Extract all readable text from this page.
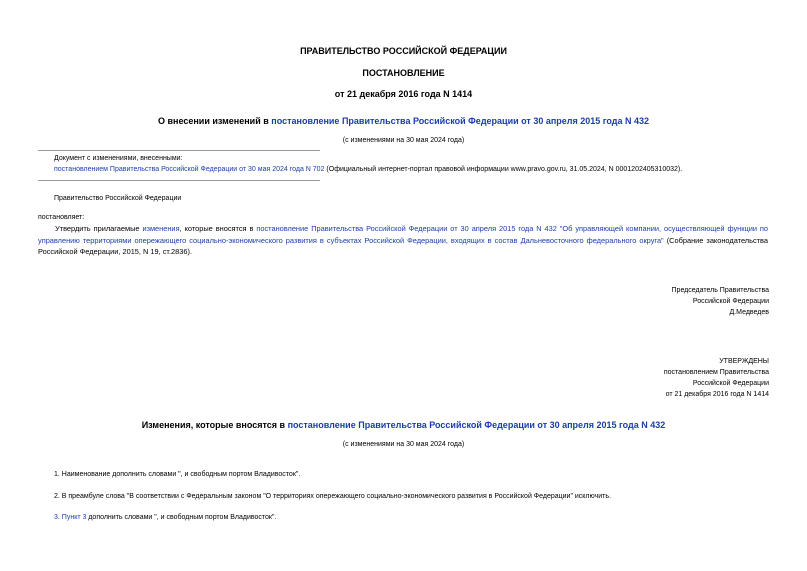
ПРАВИТЕЛЬСТВО РОССИЙСКОЙ ФЕДЕРАЦИИ
ПОСТАНОВЛЕНИЕ
от 21 декабря 2016 года N 1414
О внесении изменений в постановление Правительства Российской Федерации от 30 апреля 2015 года N 432
(с изменениями на 30 мая 2024 года)
Документ с изменениями, внесенными:
постановлением Правительства Российской Федерации от 30 мая 2024 года N 702 (Официальный интернет-портал правовой информации www.pravo.gov.ru, 31.05.2024, N 0001202405310032).
Правительство Российской Федерации
постановляет:
Утвердить прилагаемые изменения, которые вносятся в постановление Правительства Российской Федерации от 30 апреля 2015 года N 432 "Об управляющей компании, осуществляющей функции по управлению территориями опережающего социально-экономического развития в субъектах Российской Федерации, входящих в состав Дальневосточного федерального округа" (Собрание законодательства Российской Федерации, 2015, N 19, ст.2836).
Председатель Правительства
Российской Федерации
Д.Медведев
УТВЕРЖДЕНЫ
постановлением Правительства
Российской Федерации
от 21 декабря 2016 года N 1414
Изменения, которые вносятся в постановление Правительства Российской Федерации от 30 апреля 2015 года N 432
(с изменениями на 30 мая 2024 года)
1. Наименование дополнить словами ", и свободным портом Владивосток".
2. В преамбуле слова "В соответствии с Федеральным законом "О территориях опережающего социально-экономического развития в Российской Федерации" исключить.
3. Пункт 3 дополнить словами ", и свободным портом Владивосток".
